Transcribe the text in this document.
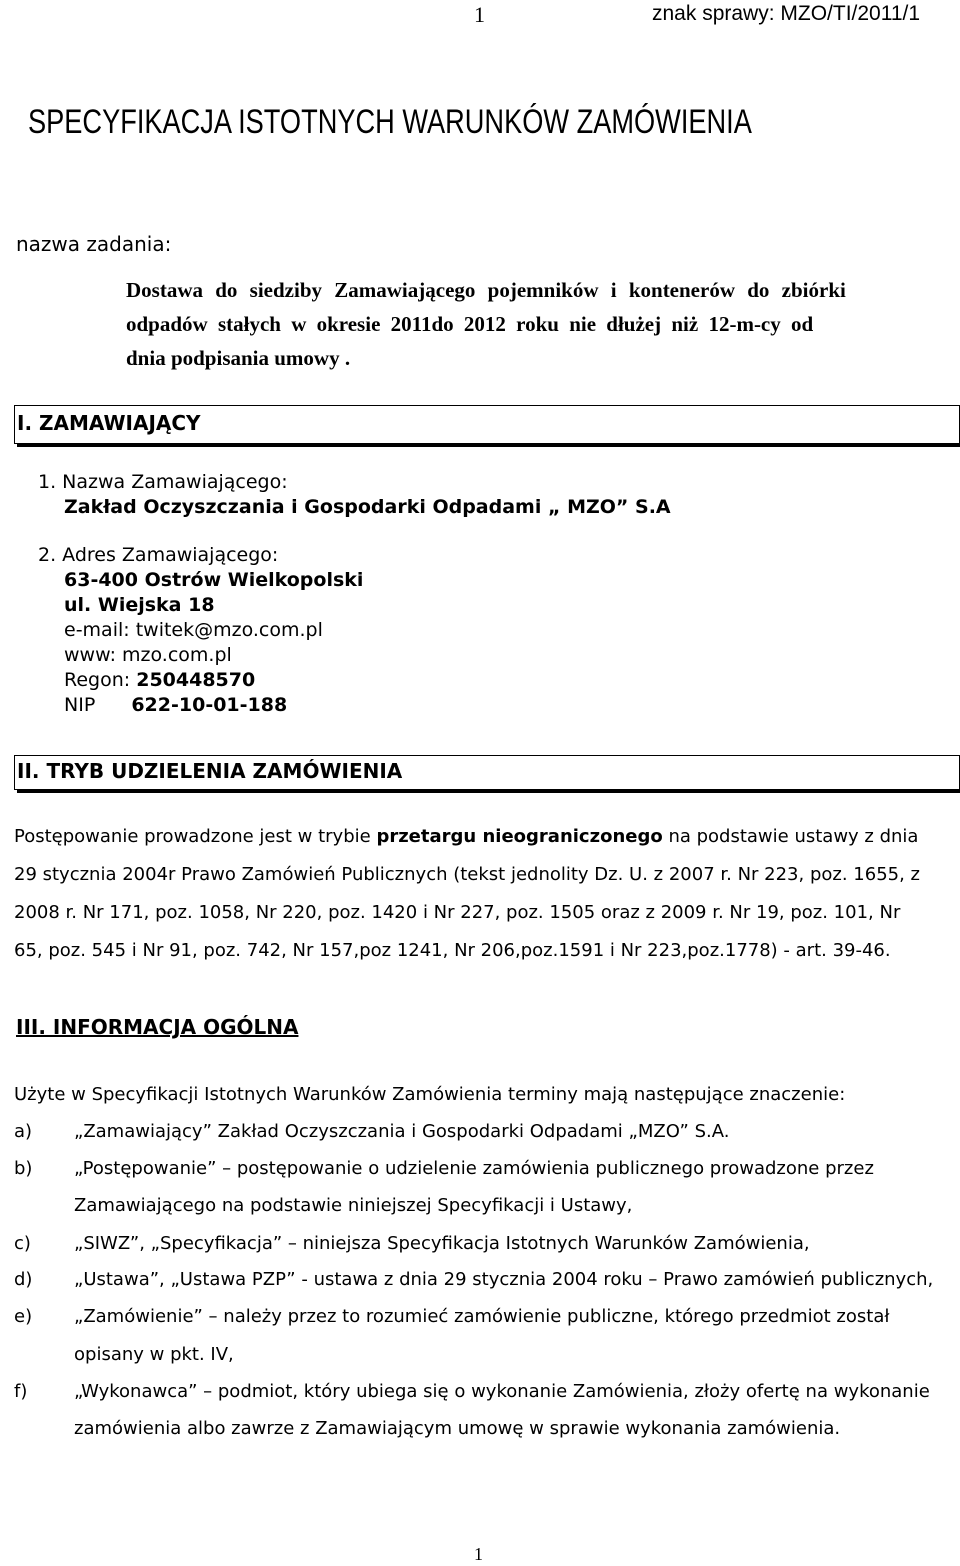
1	znak sprawy: MZO/TI/2011/1
SPECYFIKACJA ISTOTNYCH WARUNKÓW ZAMÓWIENIA
nazwa zadania:
Dostawa do siedziby Zamawiającego pojemników i kontenerów do zbiórki
odpadów stałych w okresie 2011do 2012 roku nie dłużej niż 12-m-cy od
dnia podpisania umowy .
I. ZAMAWIAJĄCY
1. Nazwa Zamawiającego:
Zakład Oczyszczania i Gospodarki Odpadami „ MZO” S.A
2. Adres Zamawiającego:
63-400 Ostrów Wielkopolski
ul. Wiejska 18
e-mail: twitek@mzo.com.pl
www: mzo.com.pl
Regon: 250448570
NIP 622-10-01-188
II. TRYB UDZIELENIA ZAMÓWIENIA
Postępowanie prowadzone jest w trybie przetargu nieograniczonego na podstawie ustawy z dnia
29 stycznia 2004r Prawo Zamówień Publicznych (tekst jednolity Dz. U. z 2007 r. Nr 223, poz. 1655, z
2008 r. Nr 171, poz. 1058, Nr 220, poz. 1420 i Nr 227, poz. 1505 oraz z 2009 r. Nr 19, poz. 101, Nr
65, poz. 545 i Nr 91, poz. 742, Nr 157,poz 1241, Nr 206,poz.1591 i Nr 223,poz.1778) - art. 39-46.
III. INFORMACJA OGÓLNA
Użyte w Specyfikacji Istotnych Warunków Zamówienia terminy mają następujące znaczenie:
a) „Zamawiający” Zakład Oczyszczania i Gospodarki Odpadami „MZO” S.A.
b) „Postępowanie” – postępowanie o udzielenie zamówienia publicznego prowadzone przez
Zamawiającego na podstawie niniejszej Specyfikacji i Ustawy,
c) „SIWZ”, „Specyfikacja” – niniejsza Specyfikacja Istotnych Warunków Zamówienia,
d) „Ustawa”, „Ustawa PZP” - ustawa z dnia 29 stycznia 2004 roku – Prawo zamówień publicznych,
e) „Zamówienie” – należy przez to rozumieć zamówienie publiczne, którego przedmiot został
opisany w pkt. IV,
f)	„Wykonawca” – podmiot, który ubiega się o wykonanie Zamówienia, złoży ofertę na wykonanie
zamówienia albo zawrze z Zamawiającym umowę w sprawie wykonania zamówienia.
1
